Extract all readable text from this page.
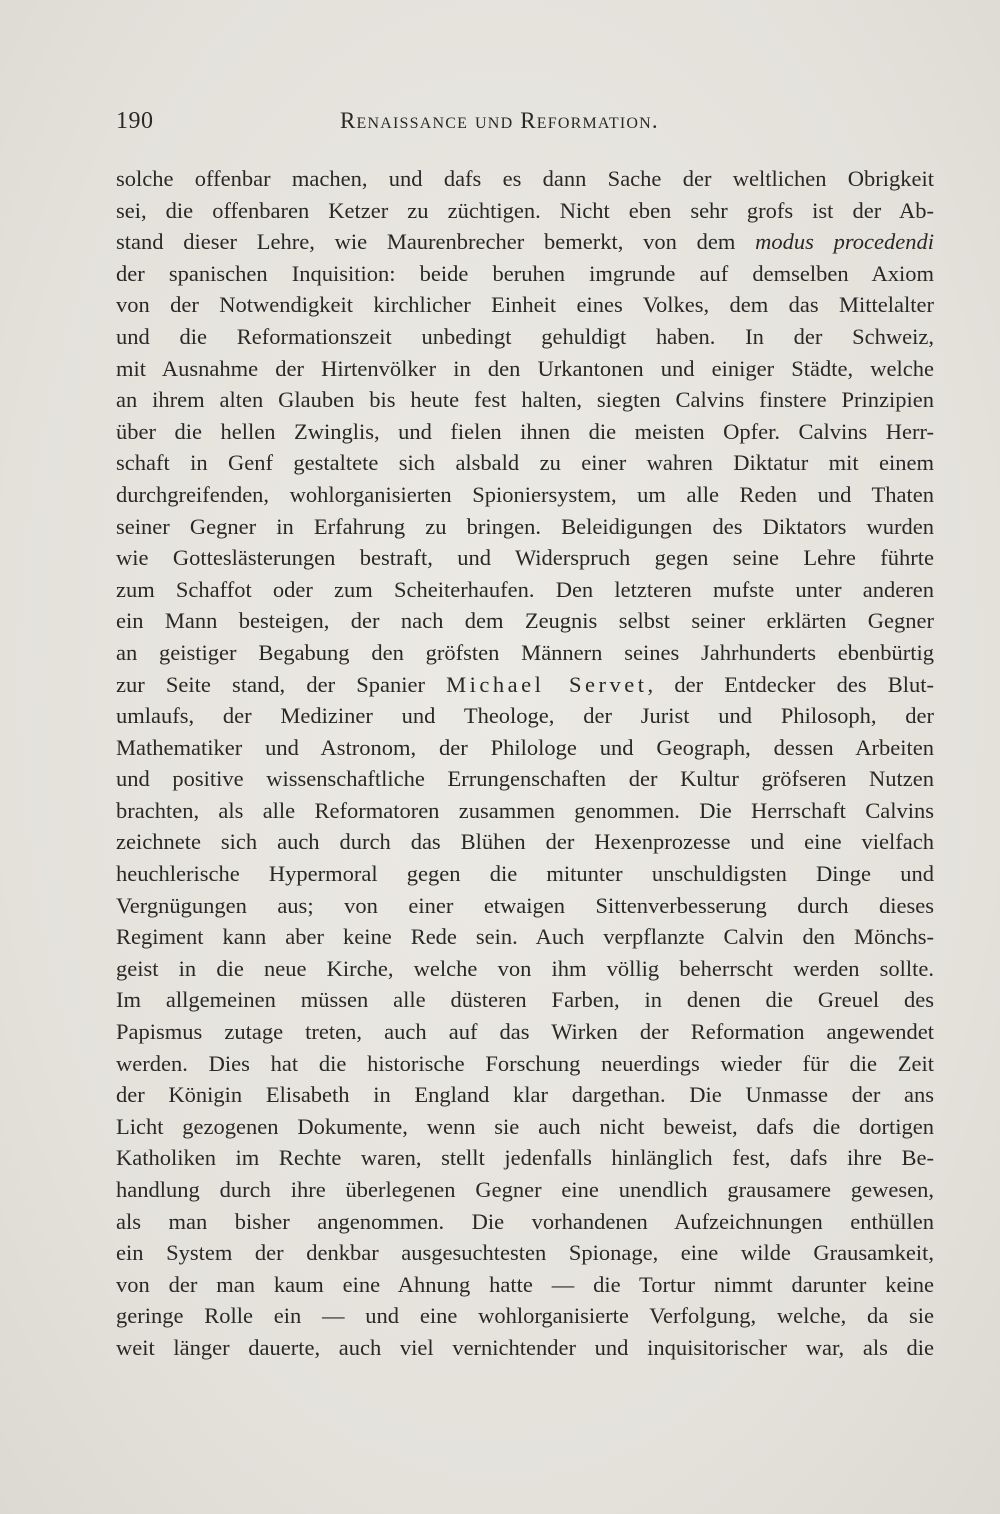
190	Renaissance und Reformation.
solche offenbar machen, und dafs es dann Sache der weltlichen Obrigkeit
sei, die offenbaren Ketzer zu züchtigen. Nicht eben sehr grofs ist der Ab-
stand dieser Lehre, wie Maurenbrecher bemerkt, von dem modus procedendi
der spanischen Inquisition: beide beruhen imgrunde auf demselben Axiom
von der Notwendigkeit kirchlicher Einheit eines Volkes, dem das Mittelalter
und die Reformationszeit unbedingt gehuldigt haben. In der Schweiz,
mit Ausnahme der Hirtenvölker in den Urkantonen und einiger Städte, welche
an ihrem alten Glauben bis heute fest halten, siegten Calvins finstere Prinzipien
über die hellen Zwinglis, und fielen ihnen die meisten Opfer. Calvins Herr-
schaft in Genf gestaltete sich alsbald zu einer wahren Diktatur mit einem
durchgreifenden, wohlorganisierten Spioniersystem, um alle Reden und Thaten
seiner Gegner in Erfahrung zu bringen. Beleidigungen des Diktators wurden
wie Gotteslästerungen bestraft, und Widerspruch gegen seine Lehre führte
zum Schaffot oder zum Scheiterhaufen. Den letzteren mufste unter anderen
ein Mann besteigen, der nach dem Zeugnis selbst seiner erklärten Gegner
an geistiger Begabung den gröfsten Männern seines Jahrhunderts ebenbürtig
zur Seite stand, der Spanier Michael Servet, der Entdecker des Blut-
umlaufs, der Mediziner und Theologe, der Jurist und Philosoph, der
Mathematiker und Astronom, der Philologe und Geograph, dessen Arbeiten
und positive wissenschaftliche Errungenschaften der Kultur gröfseren Nutzen
brachten, als alle Reformatoren zusammen genommen. Die Herrschaft Calvins
zeichnete sich auch durch das Blühen der Hexenprozesse und eine vielfach
heuchlerische Hypermoral gegen die mitunter unschuldigsten Dinge und
Vergnügungen aus; von einer etwaigen Sittenverbesserung durch dieses
Regiment kann aber keine Rede sein. Auch verpflanzte Calvin den Mönchs-
geist in die neue Kirche, welche von ihm völlig beherrscht werden sollte.
Im allgemeinen müssen alle düsteren Farben, in denen die Greuel des
Papismus zutage treten, auch auf das Wirken der Reformation angewendet
werden. Dies hat die historische Forschung neuerdings wieder für die Zeit
der Königin Elisabeth in England klar dargethan. Die Unmasse der ans
Licht gezogenen Dokumente, wenn sie auch nicht beweist, dafs die dortigen
Katholiken im Rechte waren, stellt jedenfalls hinlänglich fest, dafs ihre Be-
handlung durch ihre überlegenen Gegner eine unendlich grausamere gewesen,
als man bisher angenommen. Die vorhandenen Aufzeichnungen enthüllen
ein System der denkbar ausgesuchtesten Spionage, eine wilde Grausamkeit,
von der man kaum eine Ahnung hatte — die Tortur nimmt darunter keine
geringe Rolle ein — und eine wohlorganisierte Verfolgung, welche, da sie
weit länger dauerte, auch viel vernichtender und inquisitorischer war, als die
